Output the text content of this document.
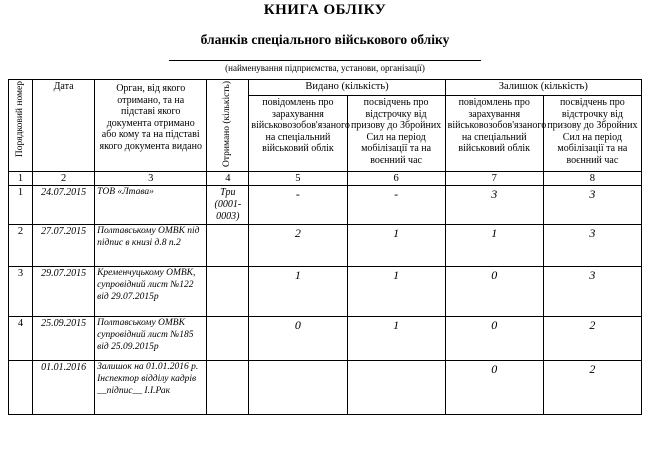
КНИГА ОБЛІКУ
бланків спеціального військового обліку
(найменування підприємства, установи, організації)
Порядковий номер	Дата	Орган, від якого отримано, та на підставі якого документа отримано або кому та на підставі якого документа видано	Отримано (кількість)	Видано (кількість)		Залишок (кількість)	
				повідомлень про зарахування військовозобов'язаного на спеціальний військовий облік	посвідчень про відстрочку від призову до Збройних Сил на період мобілізації та на воєнний час	повідомлень про зарахування військовозобов'язаного на спеціальний військовий облік	посвідчень про відстрочку від призову до Збройних Сил на період мобілізації та на воєнний час
1	2	3	4	5	6	7	8
1	24.07.2015	ТОВ «Лтава»	Три (0001-0003)	-	-	3	3
2	27.07.2015	Полтавському ОМВК під підпис в книзі д.8 п.2		2	1	1	3
3	29.07.2015	Кременчуцькому ОМВК, супровідний лист №122 від 29.07.2015р		1	1	0	3
4	25.09.2015	Полтавському ОМВК супровідний лист №185 від 25.09.2015р		0	1	0	2
	01.01.2016	Залишок на 01.01.2016 р. Інспектор відділу кадрів __підпис__ І.І.Рак				0	2
